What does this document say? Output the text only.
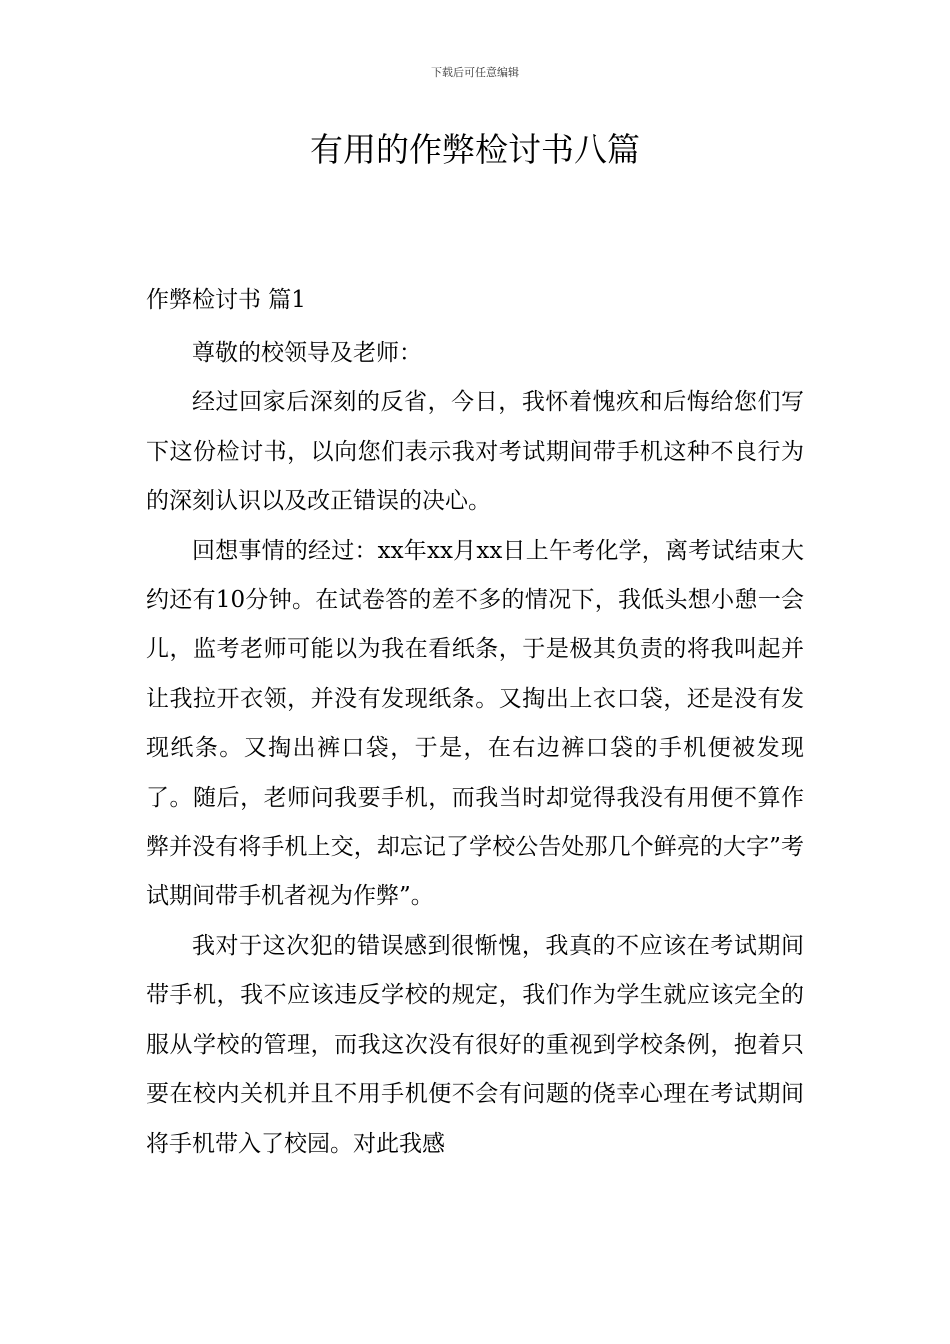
下载后可任意编辑
有用的作弊检讨书八篇
作弊检讨书 篇1

尊敬的校领导及老师：

经过回家后深刻的反省，今日，我怀着愧疚和后悔给您们写下这份检讨书，以向您们表示我对考试期间带手机这种不良行为的深刻认识以及改正错误的决心。

回想事情的经过：xx年xx月xx日上午考化学，离考试结束大约还有10分钟。在试卷答的差不多的情况下，我低头想小憩一会儿，监考老师可能以为我在看纸条，于是极其负责的将我叫起并让我拉开衣领，并没有发现纸条。又掏出上衣口袋，还是没有发现纸条。又掏出裤口袋，于是，在右边裤口袋的手机便被发现了。随后，老师问我要手机，而我当时却觉得我没有用便不算作弊并没有将手机上交，却忘记了学校公告处那几个鲜亮的大字”考试期间带手机者视为作弊”。

我对于这次犯的错误感到很惭愧，我真的不应该在考试期间带手机，我不应该违反学校的规定，我们作为学生就应该完全的服从学校的管理，而我这次没有很好的重视到学校条例，抱着只要在校内关机并且不用手机便不会有问题的侥幸心理在考试期间将手机带入了校园。对此我感
